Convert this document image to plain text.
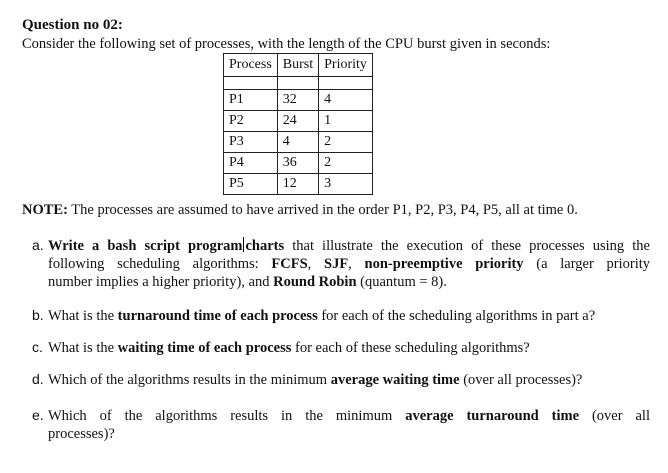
Question no 02:
Consider the following set of processes, with the length of the CPU burst given in seconds:
Process	Burst	Priority

P1	32	4
P2	24	1
P3	4	2
P4	36	2
P5	12	3
NOTE: The processes are assumed to have arrived in the order P1, P2, P3, P4, P5, all at time 0.
a. Write a bash script program charts that illustrate the execution of these processes using the
following scheduling algorithms: FCFS, SJF, non-preemptive priority (a larger priority
number implies a higher priority), and Round Robin (quantum = 8).
b. What is the turnaround time of each process for each of the scheduling algorithms in part a?
c. What is the waiting time of each process for each of these scheduling algorithms?
d. Which of the algorithms results in the minimum average waiting time (over all processes)?
e. Which of the algorithms results in the minimum average turnaround time (over all
processes)?
